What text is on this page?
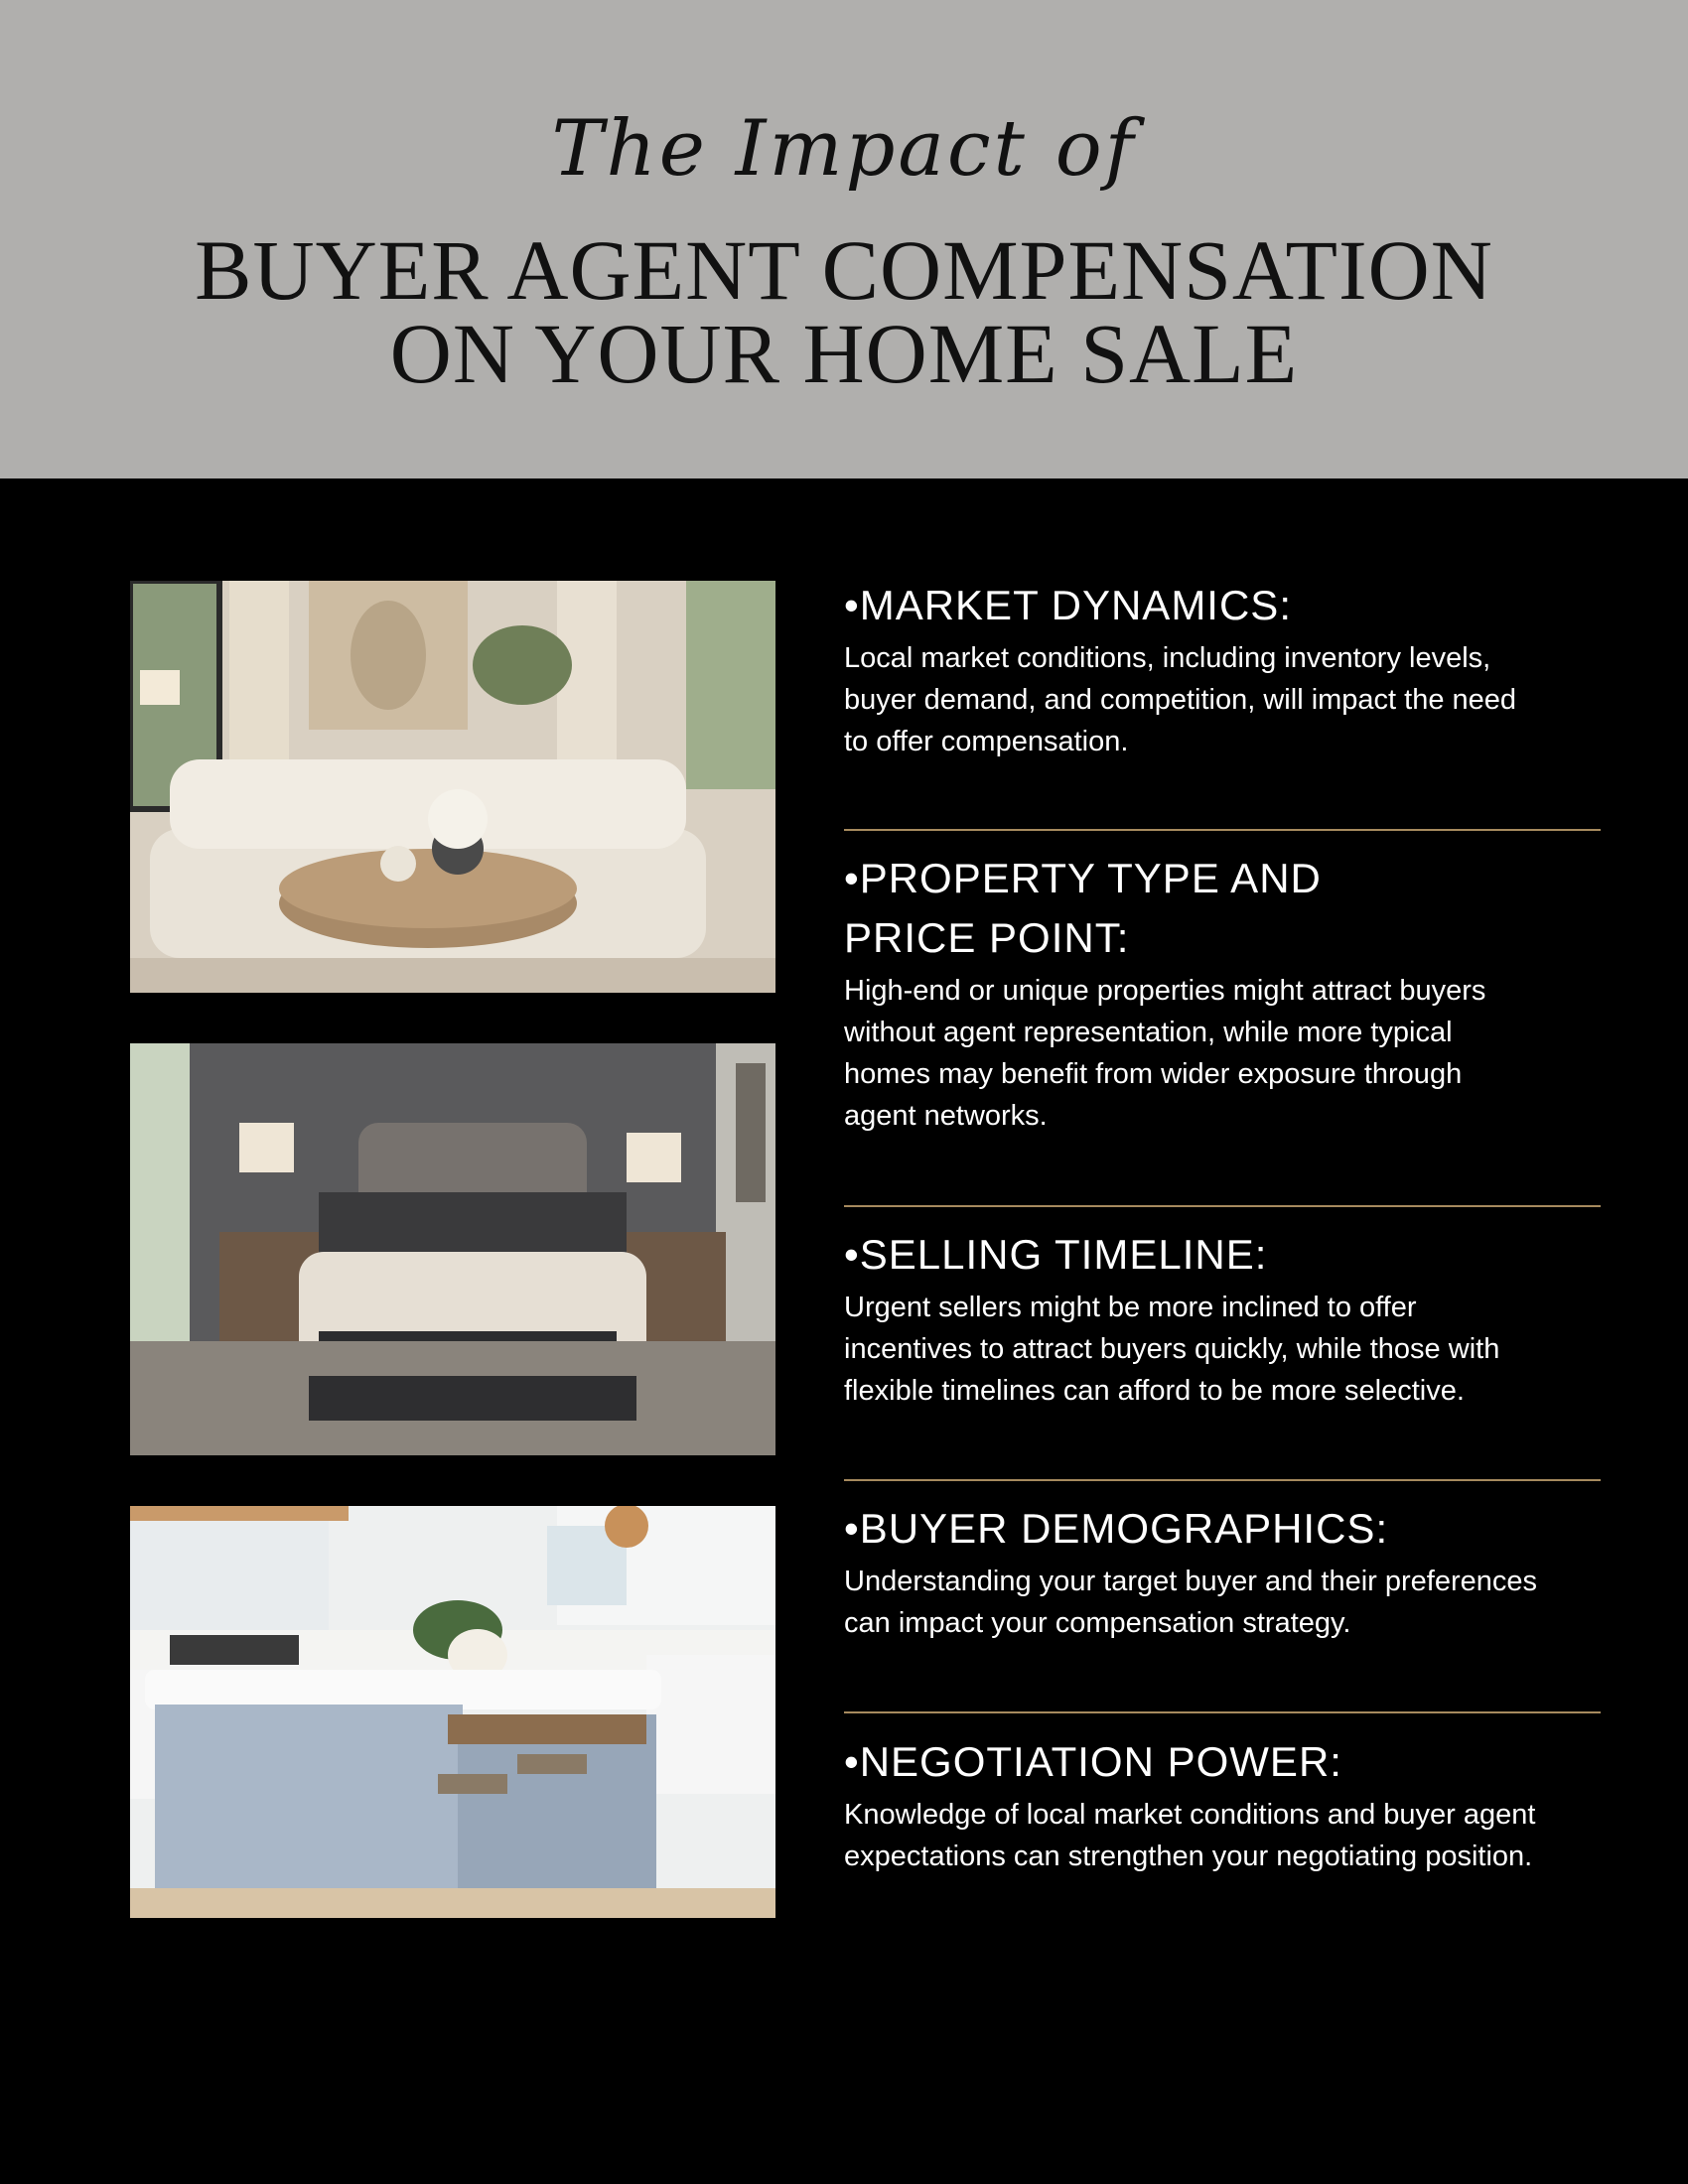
The Impact of
BUYER AGENT COMPENSATION
ON YOUR HOME SALE
•MARKET DYNAMICS:
Local market conditions, including inventory levels, buyer demand, and competition, will impact the need to offer compensation.
•PROPERTY TYPE AND PRICE POINT:
High-end or unique properties might attract buyers without agent representation, while more typical homes may benefit from wider exposure through agent networks.
•SELLING TIMELINE:
Urgent sellers might be more inclined to offer incentives to attract buyers quickly, while those with flexible timelines can afford to be more selective.
•BUYER DEMOGRAPHICS:
Understanding your target buyer and their preferences can impact your compensation strategy.
•NEGOTIATION POWER:
Knowledge of local market conditions and buyer agent expectations can strengthen your negotiating position.
